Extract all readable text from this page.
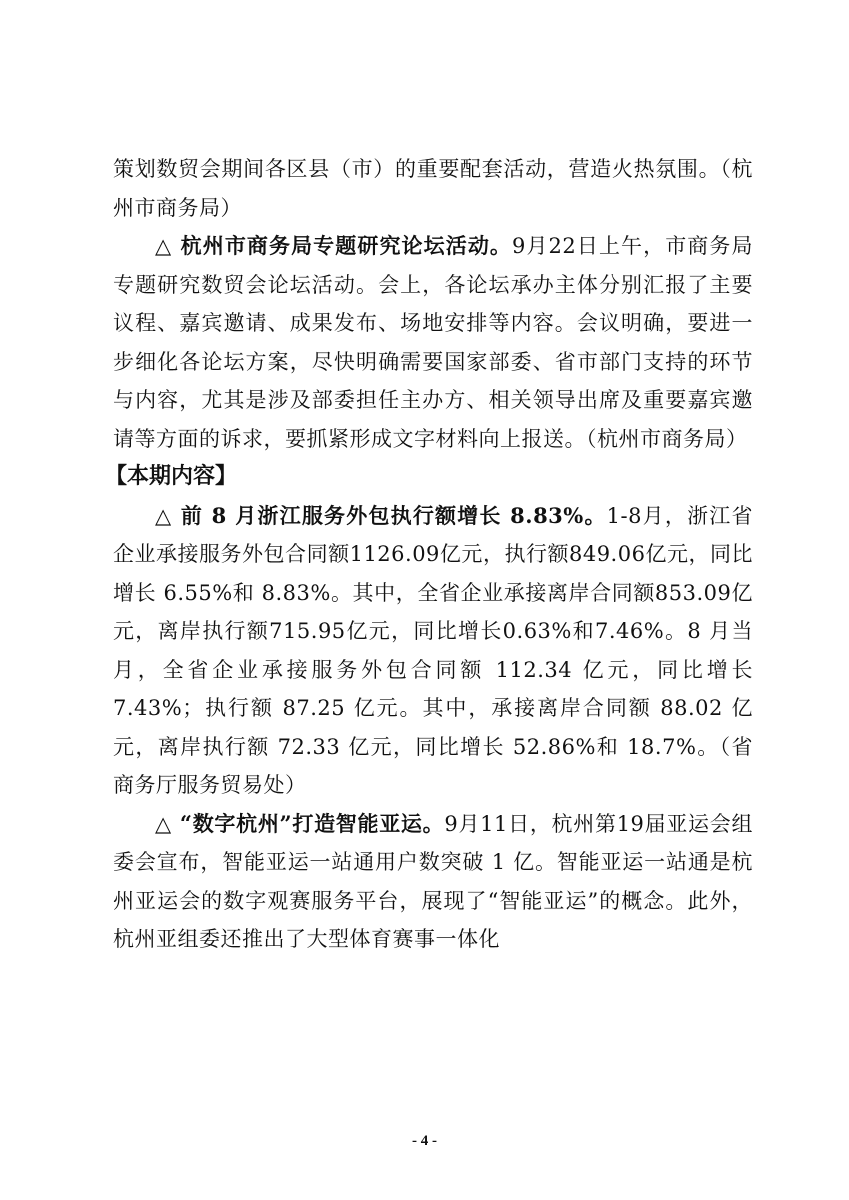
策划数贸会期间各区县（市）的重要配套活动，营造火热氛围。（杭州市商务局）

△ 杭州市商务局专题研究论坛活动。9月22日上午，市商务局专题研究数贸会论坛活动。会上，各论坛承办主体分别汇报了主要议程、嘉宾邀请、成果发布、场地安排等内容。会议明确，要进一步细化各论坛方案，尽快明确需要国家部委、省市部门支持的环节与内容，尤其是涉及部委担任主办方、相关领导出席及重要嘉宾邀请等方面的诉求，要抓紧形成文字材料向上报送。（杭州市商务局）

【本期内容】

△ 前 8 月浙江服务外包执行额增长 8.83%。1-8月，浙江省企业承接服务外包合同额1126.09亿元，执行额849.06亿元，同比增长 6.55%和 8.83%。其中，全省企业承接离岸合同额853.09亿元，离岸执行额715.95亿元，同比增长0.63%和7.46%。8 月当月，全省企业承接服务外包合同额 112.34 亿元，同比增长 7.43%；执行额 87.25 亿元。其中，承接离岸合同额 88.02 亿元，离岸执行额 72.33 亿元，同比增长 52.86%和 18.7%。（省商务厅服务贸易处）

△ “数字杭州”打造智能亚运。9月11日，杭州第19届亚运会组委会宣布，智能亚运一站通用户数突破 1 亿。智能亚运一站通是杭州亚运会的数字观赛服务平台，展现了“智能亚运”的概念。此外，杭州亚组委还推出了大型体育赛事一体化

- 4 -
